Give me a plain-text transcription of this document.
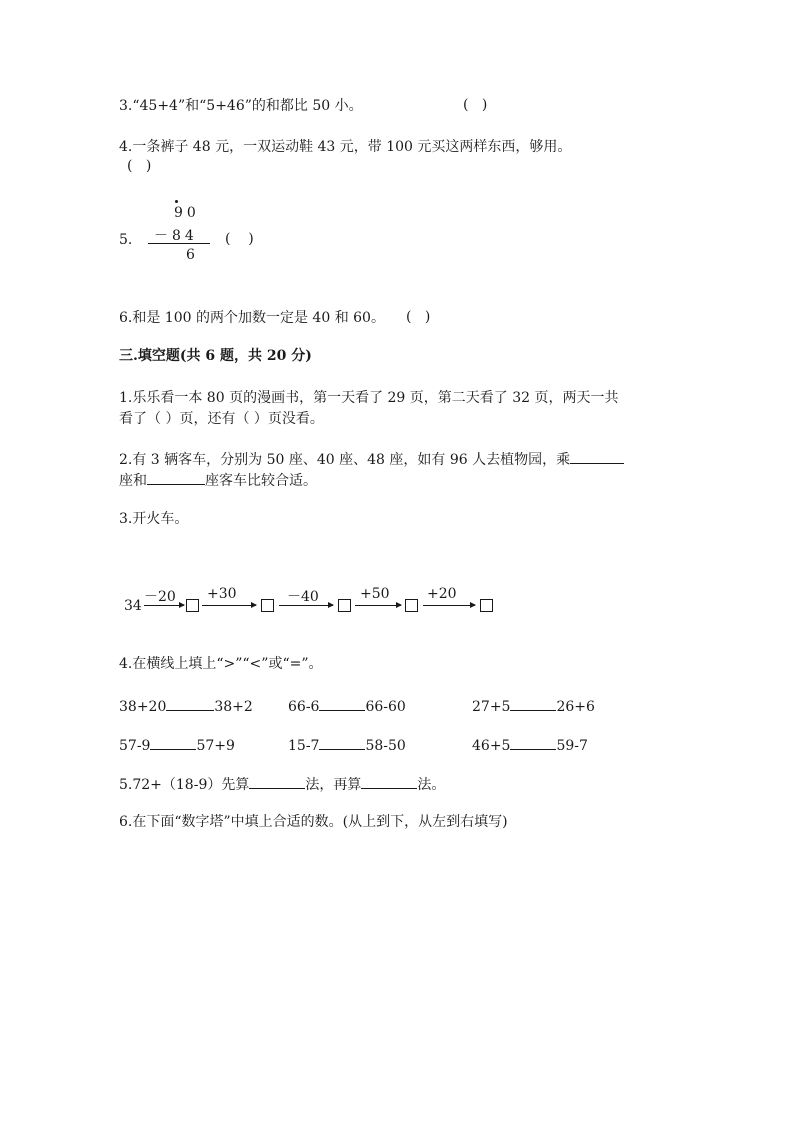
3.“45+4”和“5+46”的和都比 50 小。	(   )
4.一条裤子 48 元，一双运动鞋 43 元，带 100 元买这两样东西，够用。
(   )
90
5. －84
6
(    )
6.和是 100 的两个加数一定是 40 和 60。 (   )
三.填空题(共 6 题，共 20 分)
1.乐乐看一本 80 页的漫画书，第一天看了 29 页，第二天看了 32 页，两天一共
看了（ ）页，还有（ ）页没看。
2.有 3 辆客车，分别为 50 座、40 座、48 座，如有 96 人去植物园，乘
座和	座客车比较合适。
3.开火车。
34
－20 +30	－40	+50	+20
4.在横线上填上“>”“<”或“=”。
38+20	38+2	66-6	66-60	27+5	26+6
57-9	57+9	15-7	58-50	46+5	59-7
5.72+（18-9）先算	法，再算	法。
6.在下面“数字塔”中填上合适的数。(从上到下，从左到右填写)
